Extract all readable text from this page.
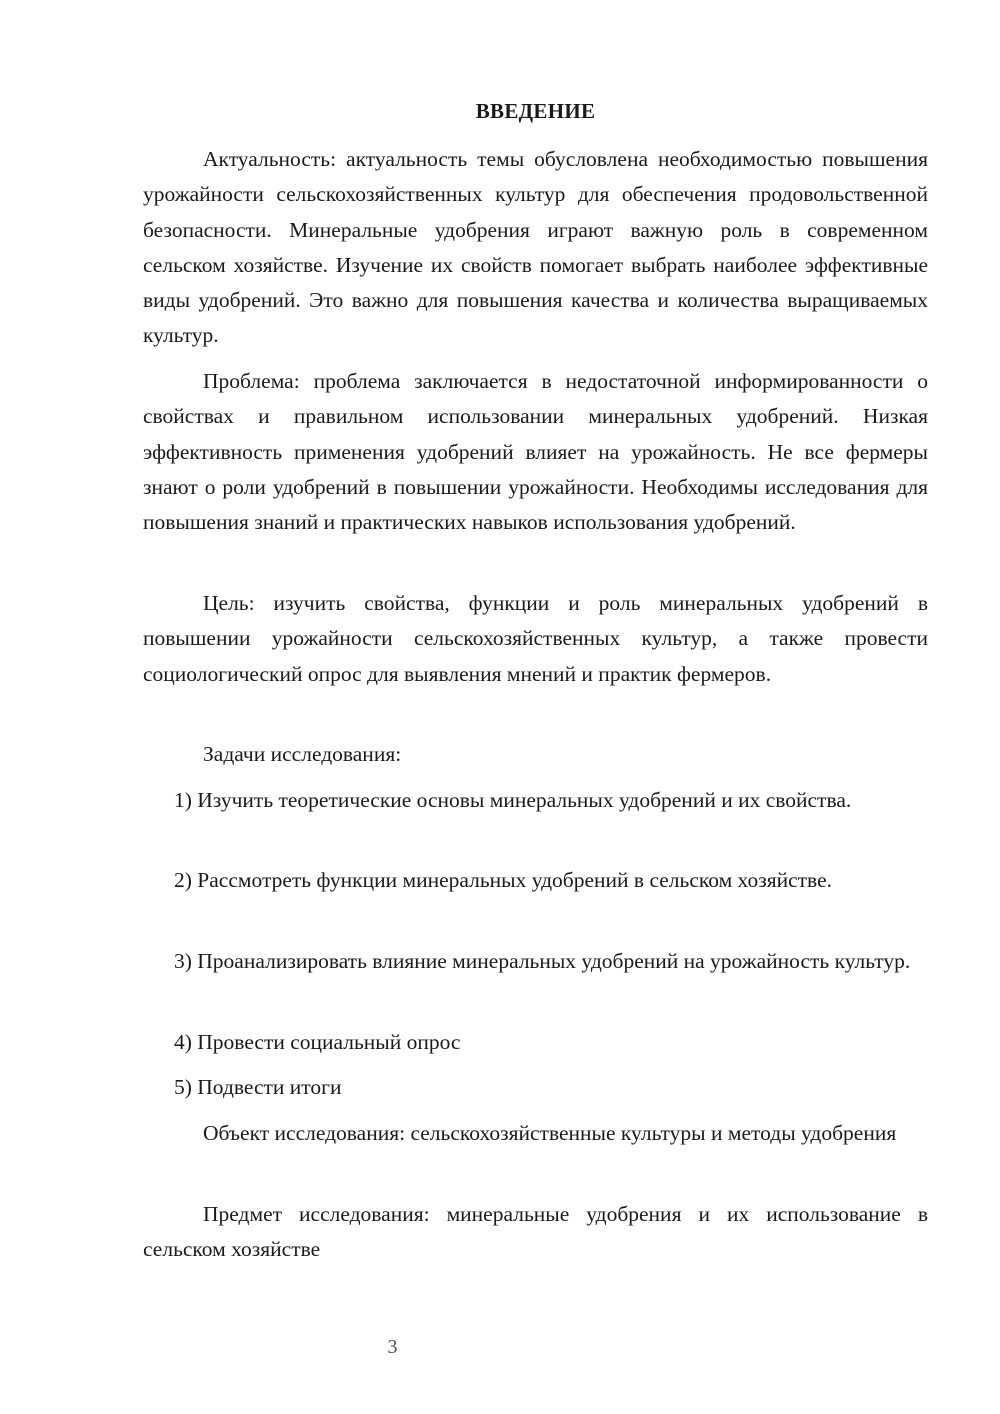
ВВЕДЕНИЕ

Актуальность: актуальность темы обусловлена необходимостью повышения урожайности сельскохозяйственных культур для обеспечения продовольственной безопасности. Минеральные удобрения играют важную роль в современном сельском хозяйстве. Изучение их свойств помогает выбрать наиболее эффективные виды удобрений. Это важно для повышения качества и количества выращиваемых культур.

Проблема: проблема заключается в недостаточной информированности о свойствах и правильном использовании минеральных удобрений. Низкая эффективность применения удобрений влияет на урожайность. Не все фермеры знают о роли удобрений в повышении урожайности. Необходимы исследования для повышения знаний и практических навыков использования удобрений.

Цель: изучить свойства, функции и роль минеральных удобрений в повышении урожайности сельскохозяйственных культур, а также провести социологический опрос для выявления мнений и практик фермеров.

Задачи исследования:

1) Изучить теоретические основы минеральных удобрений и их свойства.

2) Рассмотреть функции минеральных удобрений в сельском хозяйстве.

3) Проанализировать влияние минеральных удобрений на урожайность культур.

4) Провести социальный опрос

5) Подвести итоги

Объект исследования: сельскохозяйственные культуры и методы удобрения

Предмет исследования: минеральные удобрения и их использование в сельском хозяйстве

3
